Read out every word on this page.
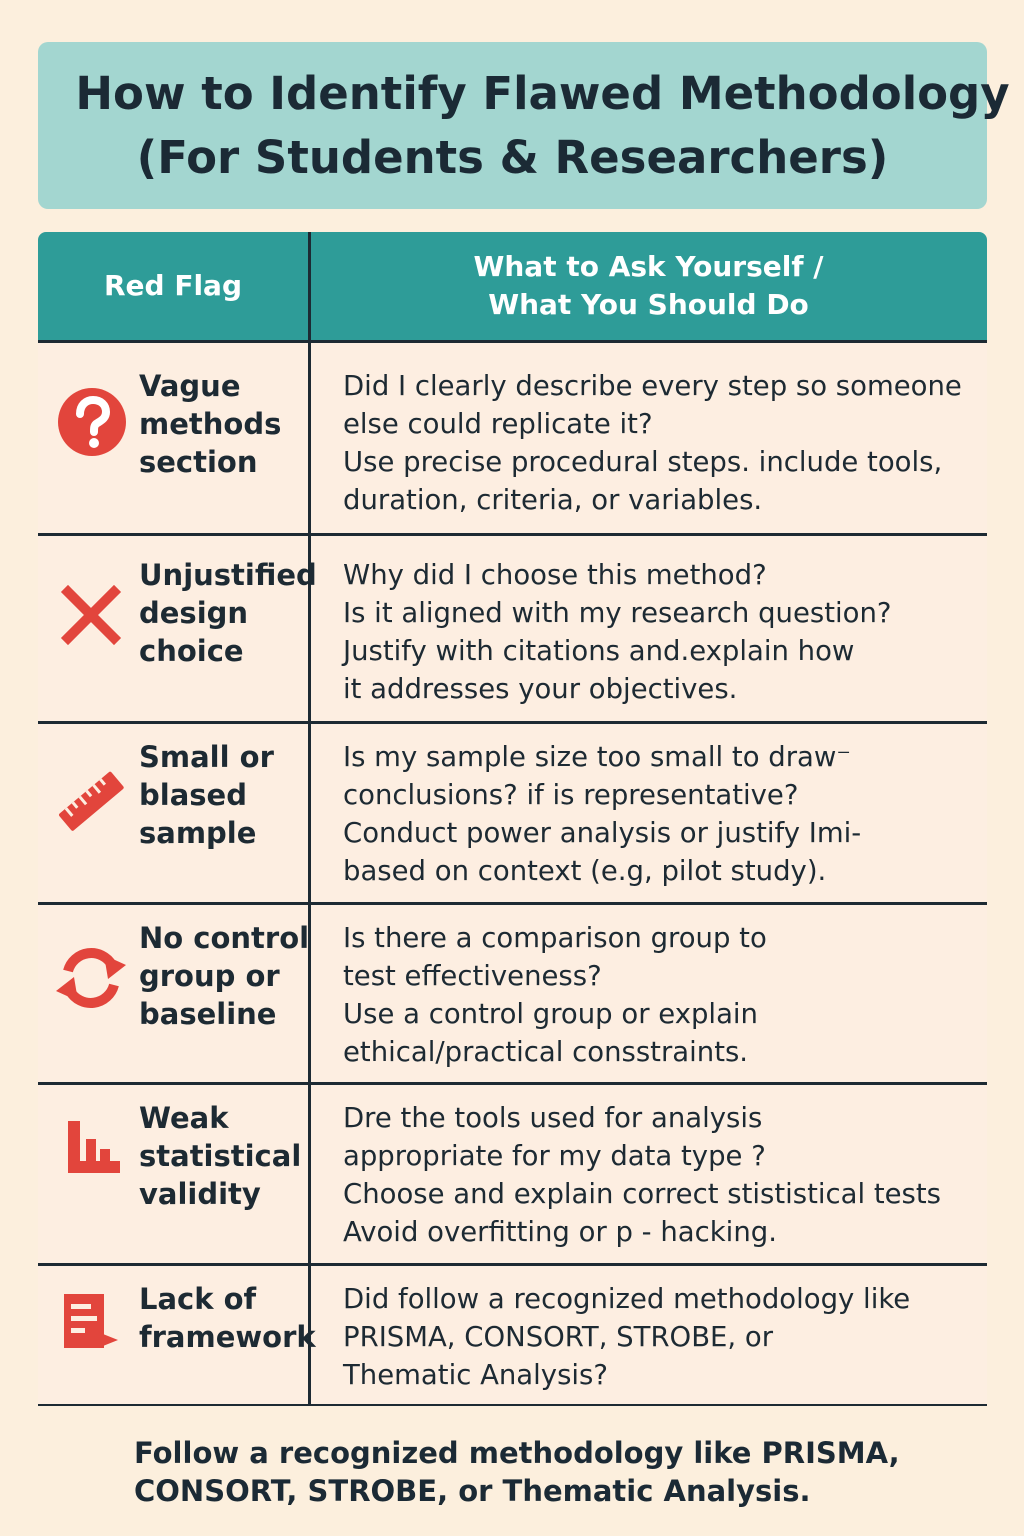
How to Identify Flawed Methodology
(For Students & Researchers)
Red Flag
What to Ask Yourself /
What You Should Do
Vague
methods
section
Did I clearly describe every step so someone
else could replicate it?
Use precise procedural steps. include tools,
duration, criteria, or variables.
Unjustified
design
choice
Why did I choose this method?
Is it aligned with my research question?
Justify with citations and.explain how
it addresses your objectives.
Small or
blased
sample
Is my sample size too small to draw⁻
conclusions? if is representative?
Conduct power analysis or justify Imi-
based on context (e.g, pilot study).
No control
group or
baseline
Is there a comparison group to
test effectiveness?
Use a control group or explain
ethical/practical consstraints.
Weak
statistical
validity
Dre the tools used for analysis
appropriate for my data type ?
Choose and explain correct stististical tests
Avoid overfitting or p - hacking.
Lack of
framework
Did follow a recognized methodology like
PRISMA, CONSORT, STROBE, or
Thematic Analysis?
Follow a recognized methodology like PRISMA,
CONSORT, STROBE, or Thematic Analysis.
